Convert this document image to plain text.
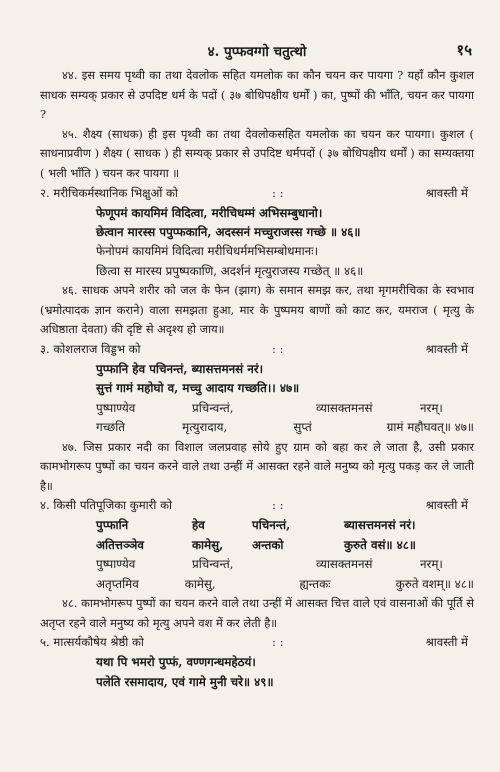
४. पुप्फवग्गो चतुत्थो	१५

४४. इस समय पृथ्वी का तथा देवलोक सहित यमलोक का कौन चयन कर पायगा ? यहाँ कौन कुशल साधक सम्यक् प्रकार से उपदिष्ट धर्म के पदों ( ३७ बोधिपक्षीय धर्मों ) का, पुष्पों की भाँति, चयन कर पायगा ?

४५. शैक्ष्य (साधक) ही इस पृथ्वी का तथा देवलोकसहित यमलोक का चयन कर पायगा। कुशल ( साधनाप्रवीण ) शैक्ष्य ( साधक ) ही सम्यक् प्रकार से उपदिष्ट धर्मपदों ( ३७ बोधिपक्षीय धर्मों ) का सम्यक्तया ( भली भाँति ) चयन कर पायगा ॥

२. मरीचिकर्मस्थानिक भिक्षुओं को	: :	श्रावस्ती में
फेणूपमं कायमिमं विदित्वा, मरीचिधम्मं अभिसम्बुधानो।
छेत्वान मारस्स पपुप्फकानि, अदस्सनं मच्चुराजस्स गच्छे ॥ ४६॥
फेनोपमं कायमिमं विदित्वा मरीचिधर्ममभिसम्बोधमानः।
छित्वा स मारस्य प्रपुष्पकाणि, अदर्शनं मृत्युराजस्य गच्छेत् ॥ ४६॥

४६. साधक अपने शरीर को जल के फेन (झाग) के समान समझ कर, तथा मृगमरीचिका के स्वभाव (भ्रमोत्पादक ज्ञान कराने) वाला समझता हुआ, मार के पुष्पमय बाणों को काट कर, यमराज ( मृत्यु के अधिष्ठाता देवता) की दृष्टि से अदृश्य हो जाय॥

३. कोशलराज विड्डभ को	: :	श्रावस्ती में
पुप्फानि हेव पचिनन्तं, ब्यासत्तमनसं नरं।
सुत्तं गामं महोघो व, मच्चु आदाय गच्छति।। ४७॥
पुष्पाण्येव	प्रचिन्वन्तं,	व्यासक्तमनसं	नरम्।
गच्छति	मृत्युरादाय,	सुप्तं	ग्रामं महौघवत्॥ ४७॥

४७. जिस प्रकार नदी का विशाल जलप्रवाह सोये हुए ग्राम को बहा कर ले जाता है, उसी प्रकार कामभोगरूप पुष्पों का चयन करने वाले तथा उन्हीं में आसक्त रहने वाले मनुष्य को मृत्यु पकड़ कर ले जाती है॥

४. किसी पतिपूजिका कुमारी को	: :	श्रावस्ती में
पुप्फानि	हेव	पचिनन्तं,	ब्यासत्तमनसं नरं।
अतित्तञ्ञेव	कामेसु,	अन्तको	कुरुते वसं॥ ४८॥
पुष्पाण्येव	प्रचिन्वन्तं,	व्यासक्तमनसं	नरम्।
अतृप्तमिव	कामेसु,	ह्यन्तकः	कुरुते वशम्॥ ४८॥

४८. कामभोगरूप पुष्पों का चयन करने वाले तथा उन्हीं में आसक्त चित्त वाले एवं वासनाओं की पूर्ति से अतृप्त रहने वाले मनुष्य को मृत्यु अपने वश में कर लेती है॥

५. मात्सर्यकौषेय श्रेष्ठी को	: :	श्रावस्ती में
यथा पि भमरो पुप्फं, वण्णगन्धमहेठयं।
पलेति रसमादाय, एवं गामे मुनी चरे॥ ४९॥
